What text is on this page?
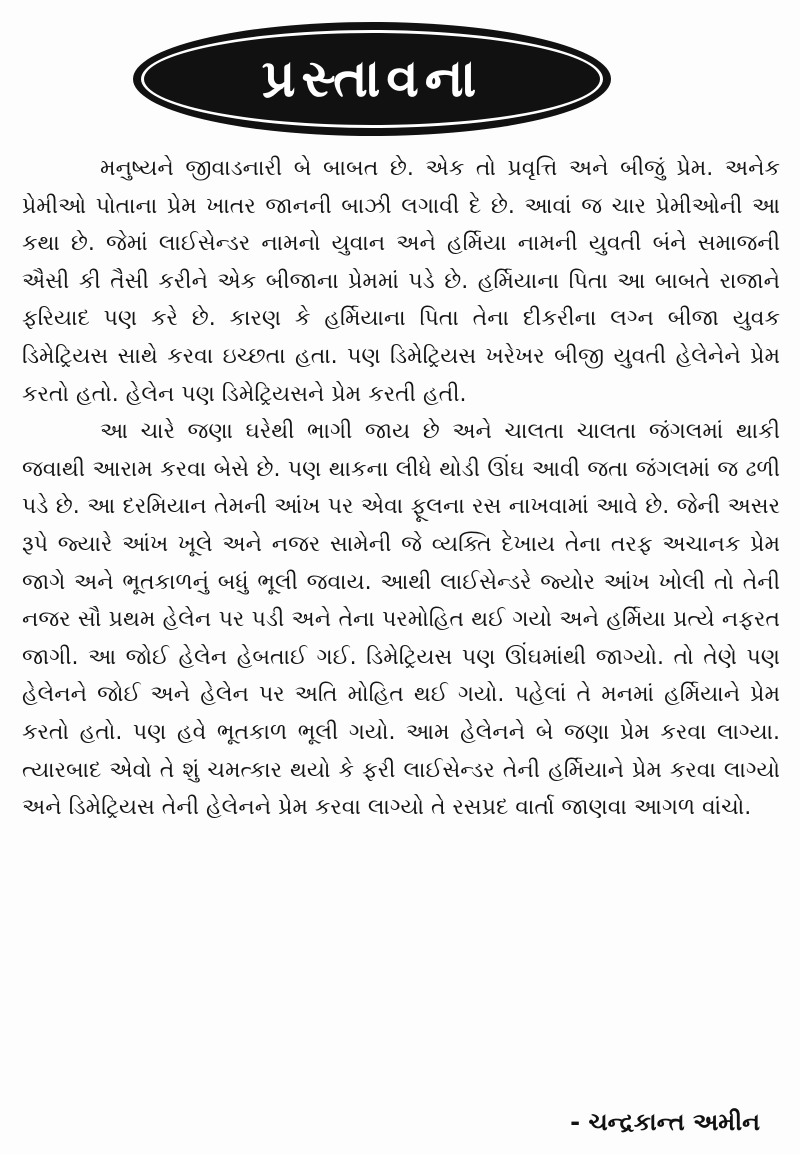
પ્રસ્તાવના

મનુષ્યને જીવાડનારી બે બાબત છે. એક તો પ્રવૃત્તિ અને બીજું પ્રેમ. અનેક પ્રેમીઓ પોતાના પ્રેમ ખાતર જાનની બાઝી લગાવી દે છે. આવાં જ ચાર પ્રેમીઓની આ કથા છે. જેમાં લાઈસેન્ડર નામનો યુવાન અને હર્મિયા નામની યુવતી બંને સમાજની ઐસી કી તૈસી કરીને એક બીજાના પ્રેમમાં પડે છે. હર્મિયાના પિતા આ બાબતે રાજાને ફરિયાદ પણ કરે છે. કારણ કે હર્મિયાના પિતા તેના દીકરીના લગ્ન બીજા યુવક ડિમેટ્રિયસ સાથે કરવા ઇચ્છતા હતા. પણ ડિમેટ્રિયસ ખરેખર બીજી યુવતી હેલેનેને પ્રેમ કરતો હતો. હેલેન પણ ડિમેટ્રિયસને પ્રેમ કરતી હતી.

આ ચારે જણા ઘરેથી ભાગી જાય છે અને ચાલતા ચાલતા જંગલમાં થાકી જવાથી આરામ કરવા બેસે છે. પણ થાકના લીધે થોડી ઊંઘ આવી જતા જંગલમાં જ ઢળી પડે છે. આ દરમિયાન તેમની આંખ પર એવા ફૂલના રસ નાખવામાં આવે છે. જેની અસર રૂપે જ્યારે આંખ ખૂલે અને નજર સામેની જે વ્યક્તિ દેખાય તેના તરફ અચાનક પ્રેમ જાગે અને ભૂતકાળનું બધું ભૂલી જવાય. આથી લાઈસેન્ડરે જ્યોર આંખ ખોલી તો તેની નજર સૌ પ્રથમ હેલેન પર પડી અને તેના પરમોહિત થઈ ગયો અને હર્મિયા પ્રત્યે નફરત જાગી. આ જોઈ હેલેન હેબતાઈ ગઈ. ડિમેટ્રિયસ પણ ઊંઘમાંથી જાગ્યો. તો તેણે પણ હેલેનને જોઈ અને હેલેન પર અતિ મોહિત થઈ ગયો. પહેલાં તે મનમાં હર્મિયાને પ્રેમ કરતો હતો. પણ હવે ભૂતકાળ ભૂલી ગયો. આમ હેલેનને બે જણા પ્રેમ કરવા લાગ્યા. ત્યારબાદ એવો તે શું ચમત્કાર થયો કે ફરી લાઈસેન્ડર તેની હર્મિયાને પ્રેમ કરવા લાગ્યો અને ડિમેટ્રિયસ તેની હેલેનને પ્રેમ કરવા લાગ્યો તે રસપ્રદ વાર્તા જાણવા આગળ વાંચો.

- ચન્દ્રકાન્ત અમીન
